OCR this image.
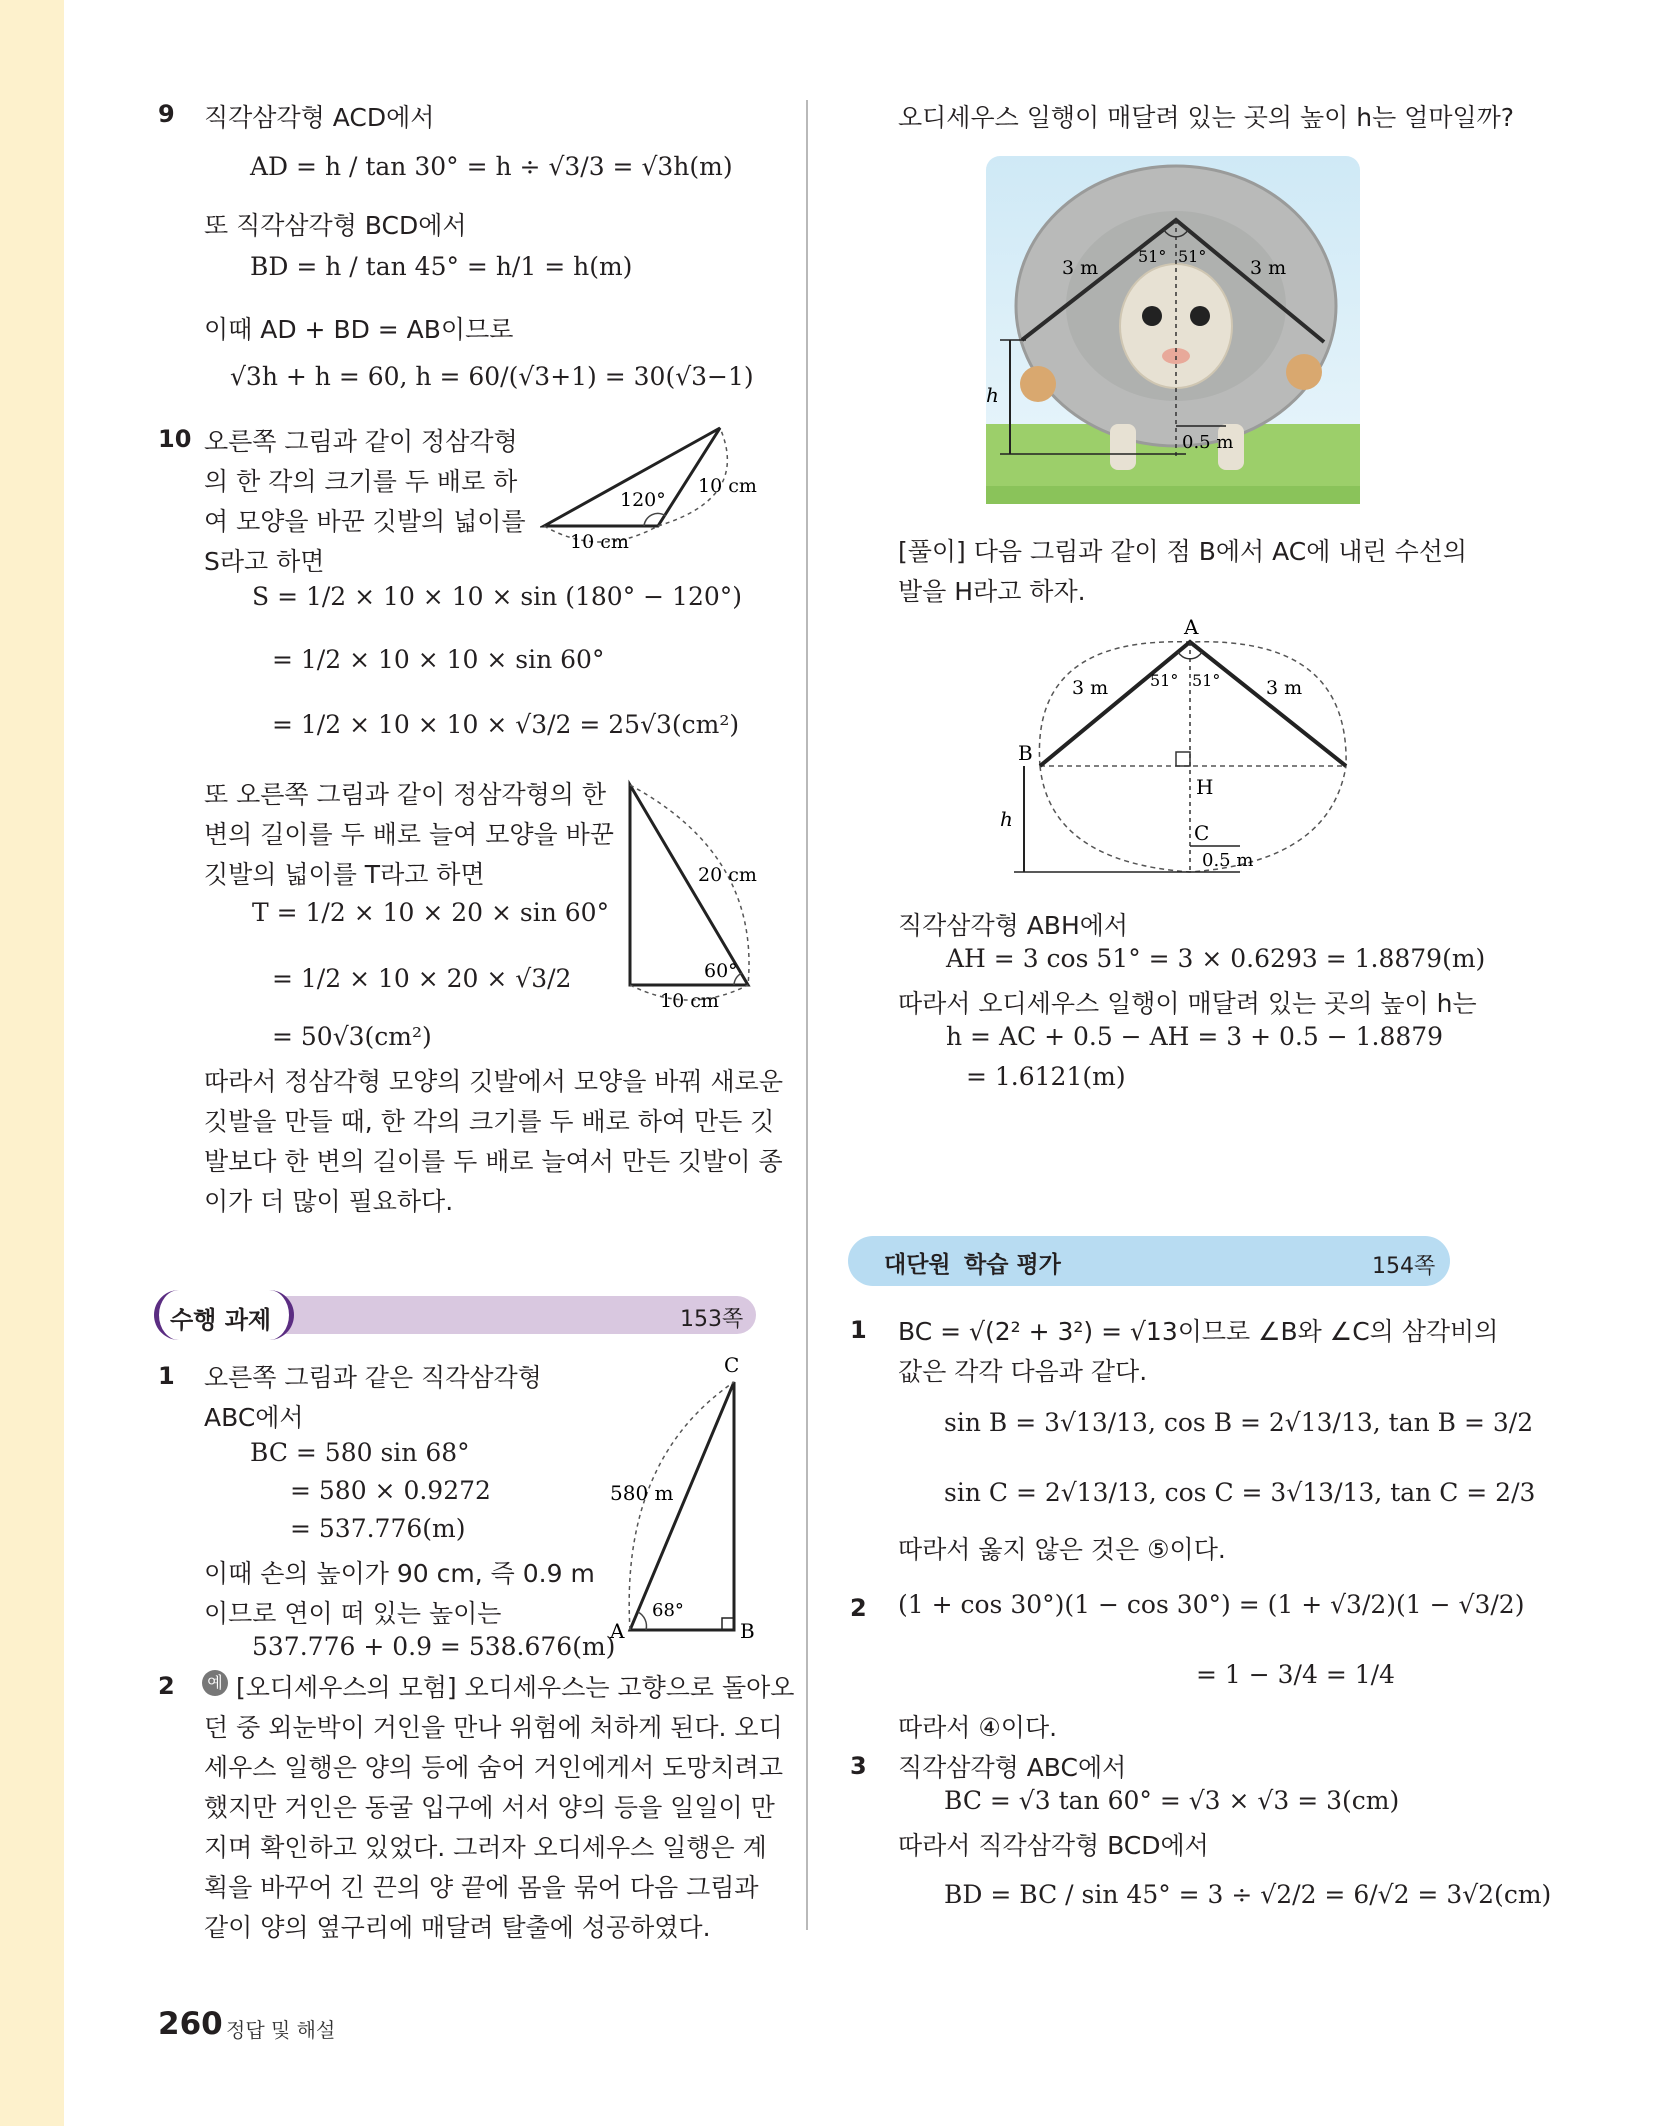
9 직각삼각형 ACD에서
AD = h / tan 30° = h ÷ √3/3 = √3h(m)
또 직각삼각형 BCD에서
BD = h / tan 45° = h/1 = h(m)
이때 AD + BD = AB이므로
√3h + h = 60, h = 60/(√3+1) = 30(√3−1)
10 오른쪽 그림과 같이 정삼각형
의 한 각의 크기를 두 배로 하
여 모양을 바꾼 깃발의 넓이를
S라고 하면
120°
10 cm
10 cm
S = 1/2 × 10 × 10 × sin (180° − 120°)
= 1/2 × 10 × 10 × sin 60°
= 1/2 × 10 × 10 × √3/2 = 25√3(cm²)
또 오른쪽 그림과 같이 정삼각형의 한
변의 길이를 두 배로 늘여 모양을 바꾼
깃발의 넓이를 T라고 하면	20 cm
60°
10 cm
T = 1/2 × 10 × 20 × sin 60°
= 1/2 × 10 × 20 × √3/2
= 50√3(cm²)
따라서 정삼각형 모양의 깃발에서 모양을 바꿔 새로운
깃발을 만들 때, 한 각의 크기를 두 배로 하여 만든 깃
발보다 한 변의 길이를 두 배로 늘여서 만든 깃발이 종
이가 더 많이 필요하다.
수행 과제	153쪽
1 오른쪽 그림과 같은 직각삼각형
ABC에서
BC = 580 sin 68°
= 580 × 0.9272
= 537.776(m)
이때 손의 높이가 90 cm, 즉 0.9 m
이므로 연이 떠 있는 높이는
537.776 + 0.9 = 538.676(m)
C
A	B
580 m
68°
2	예 [오디세우스의 모험] 오디세우스는 고향으로 돌아오
던 중 외눈박이 거인을 만나 위험에 처하게 된다. 오디
세우스 일행은 양의 등에 숨어 거인에게서 도망치려고
했지만 거인은 동굴 입구에 서서 양의 등을 일일이 만
지며 확인하고 있었다. 그러자 오디세우스 일행은 계
획을 바꾸어 긴 끈의 양 끝에 몸을 묶어 다음 그림과
같이 양의 옆구리에 매달려 탈출에 성공하였다.
오디세우스 일행이 매달려 있는 곳의 높이 h는 얼마일까?
3 m	3 m
51° 51°
h
0.5 m
[풀이] 다음 그림과 같이 점 B에서 AC에 내린 수선의
발을 H라고 하자.
A
B
C
H
3 m	3 m
51° 51°
h
0.5 m
직각삼각형 ABH에서
AH = 3 cos 51° = 3 × 0.6293 = 1.8879(m)
따라서 오디세우스 일행이 매달려 있는 곳의 높이 h는
h = AC + 0.5 − AH = 3 + 0.5 − 1.8879
= 1.6121(m)
대단원 학습 평가	154쪽
1 BC = √(2² + 3²) = √13이므로 ∠B와 ∠C의 삼각비의
값은 각각 다음과 같다.
sin B = 3√13/13, cos B = 2√13/13, tan B = 3/2
sin C = 2√13/13, cos C = 3√13/13, tan C = 2/3
따라서 옳지 않은 것은 ⑤이다.
2 (1 + cos 30°)(1 − cos 30°) = (1 + √3/2)(1 − √3/2)
= 1 − 3/4 = 1/4
따라서 ④이다.
3 직각삼각형 ABC에서
BC = √3 tan 60° = √3 × √3 = 3(cm)
따라서 직각삼각형 BCD에서
BD = BC / sin 45° = 3 ÷ √2/2 = 6/√2 = 3√2(cm)
260 정답 및 해설
